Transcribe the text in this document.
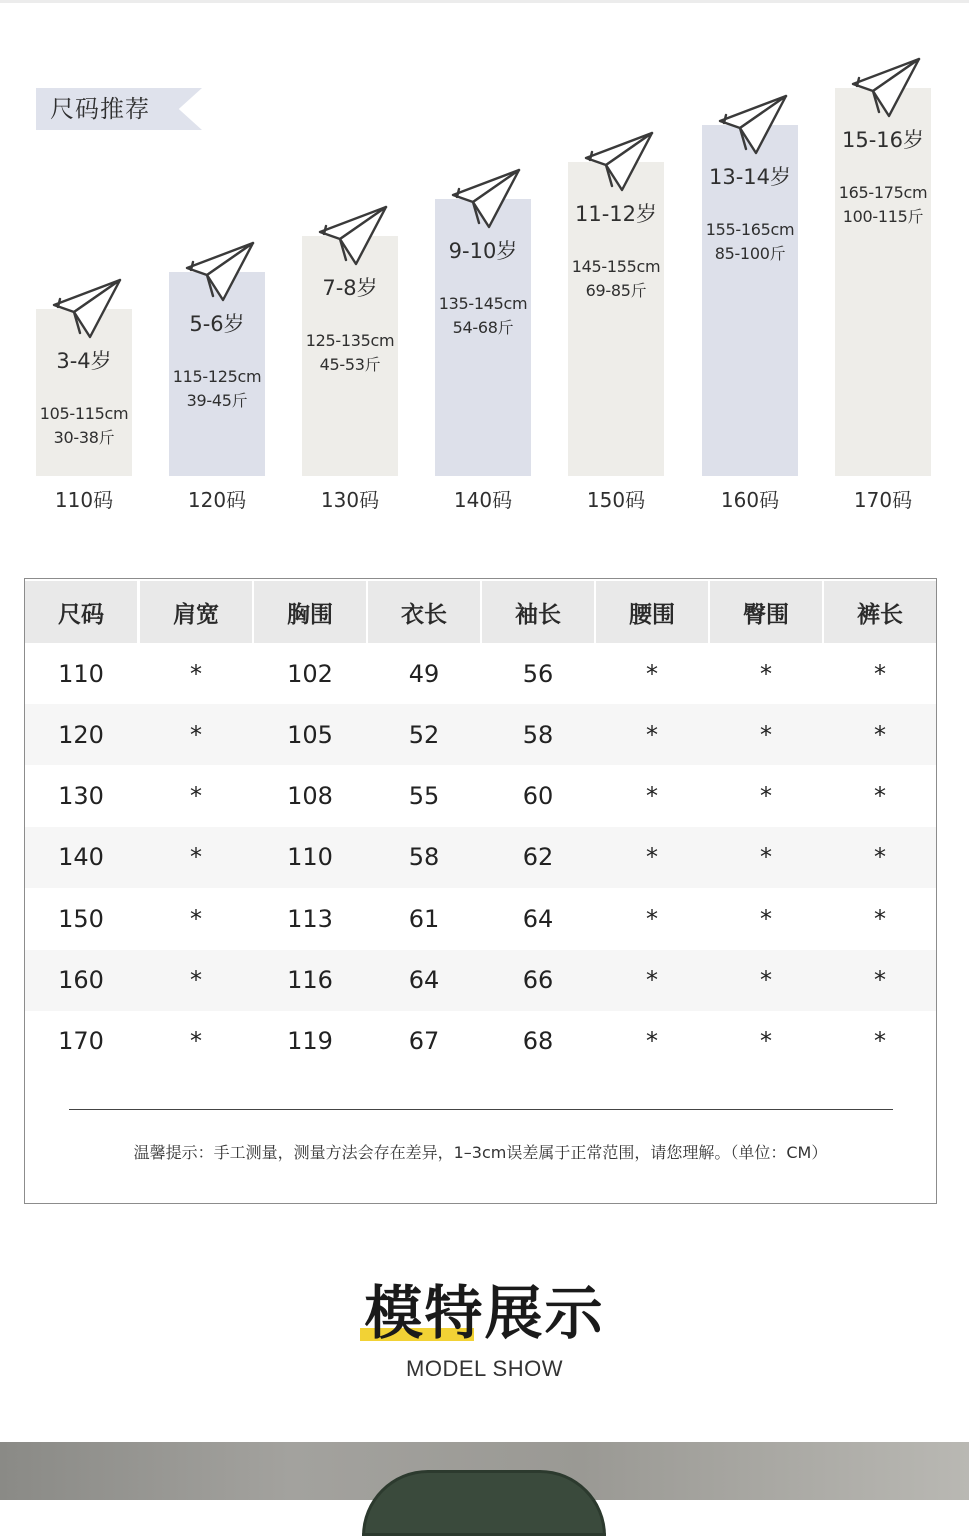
尺码推荐
3-4岁
105-115cm
30-38斤
110码
5-6岁
115-125cm
39-45斤
120码
7-8岁
125-135cm
45-53斤
130码
9-10岁
135-145cm
54-68斤
140码
11-12岁
145-155cm
69-85斤
150码
13-14岁
155-165cm
85-100斤
160码
15-16岁
165-175cm
100-115斤
170码
尺码	肩宽	胸围	衣长	袖长	腰围	臀围	裤长
110	*	102	49	56	*	*	*
120	*	105	52	58	*	*	*
130	*	108	55	60	*	*	*
140	*	110	58	62	*	*	*
150	*	113	61	64	*	*	*
160	*	116	64	66	*	*	*
170	*	119	67	68	*	*	*
温馨提示：手工测量，测量方法会存在差异，1–3cm误差属于正常范围，请您理解。（单位：CM）
模特展示
MODEL SHOW
